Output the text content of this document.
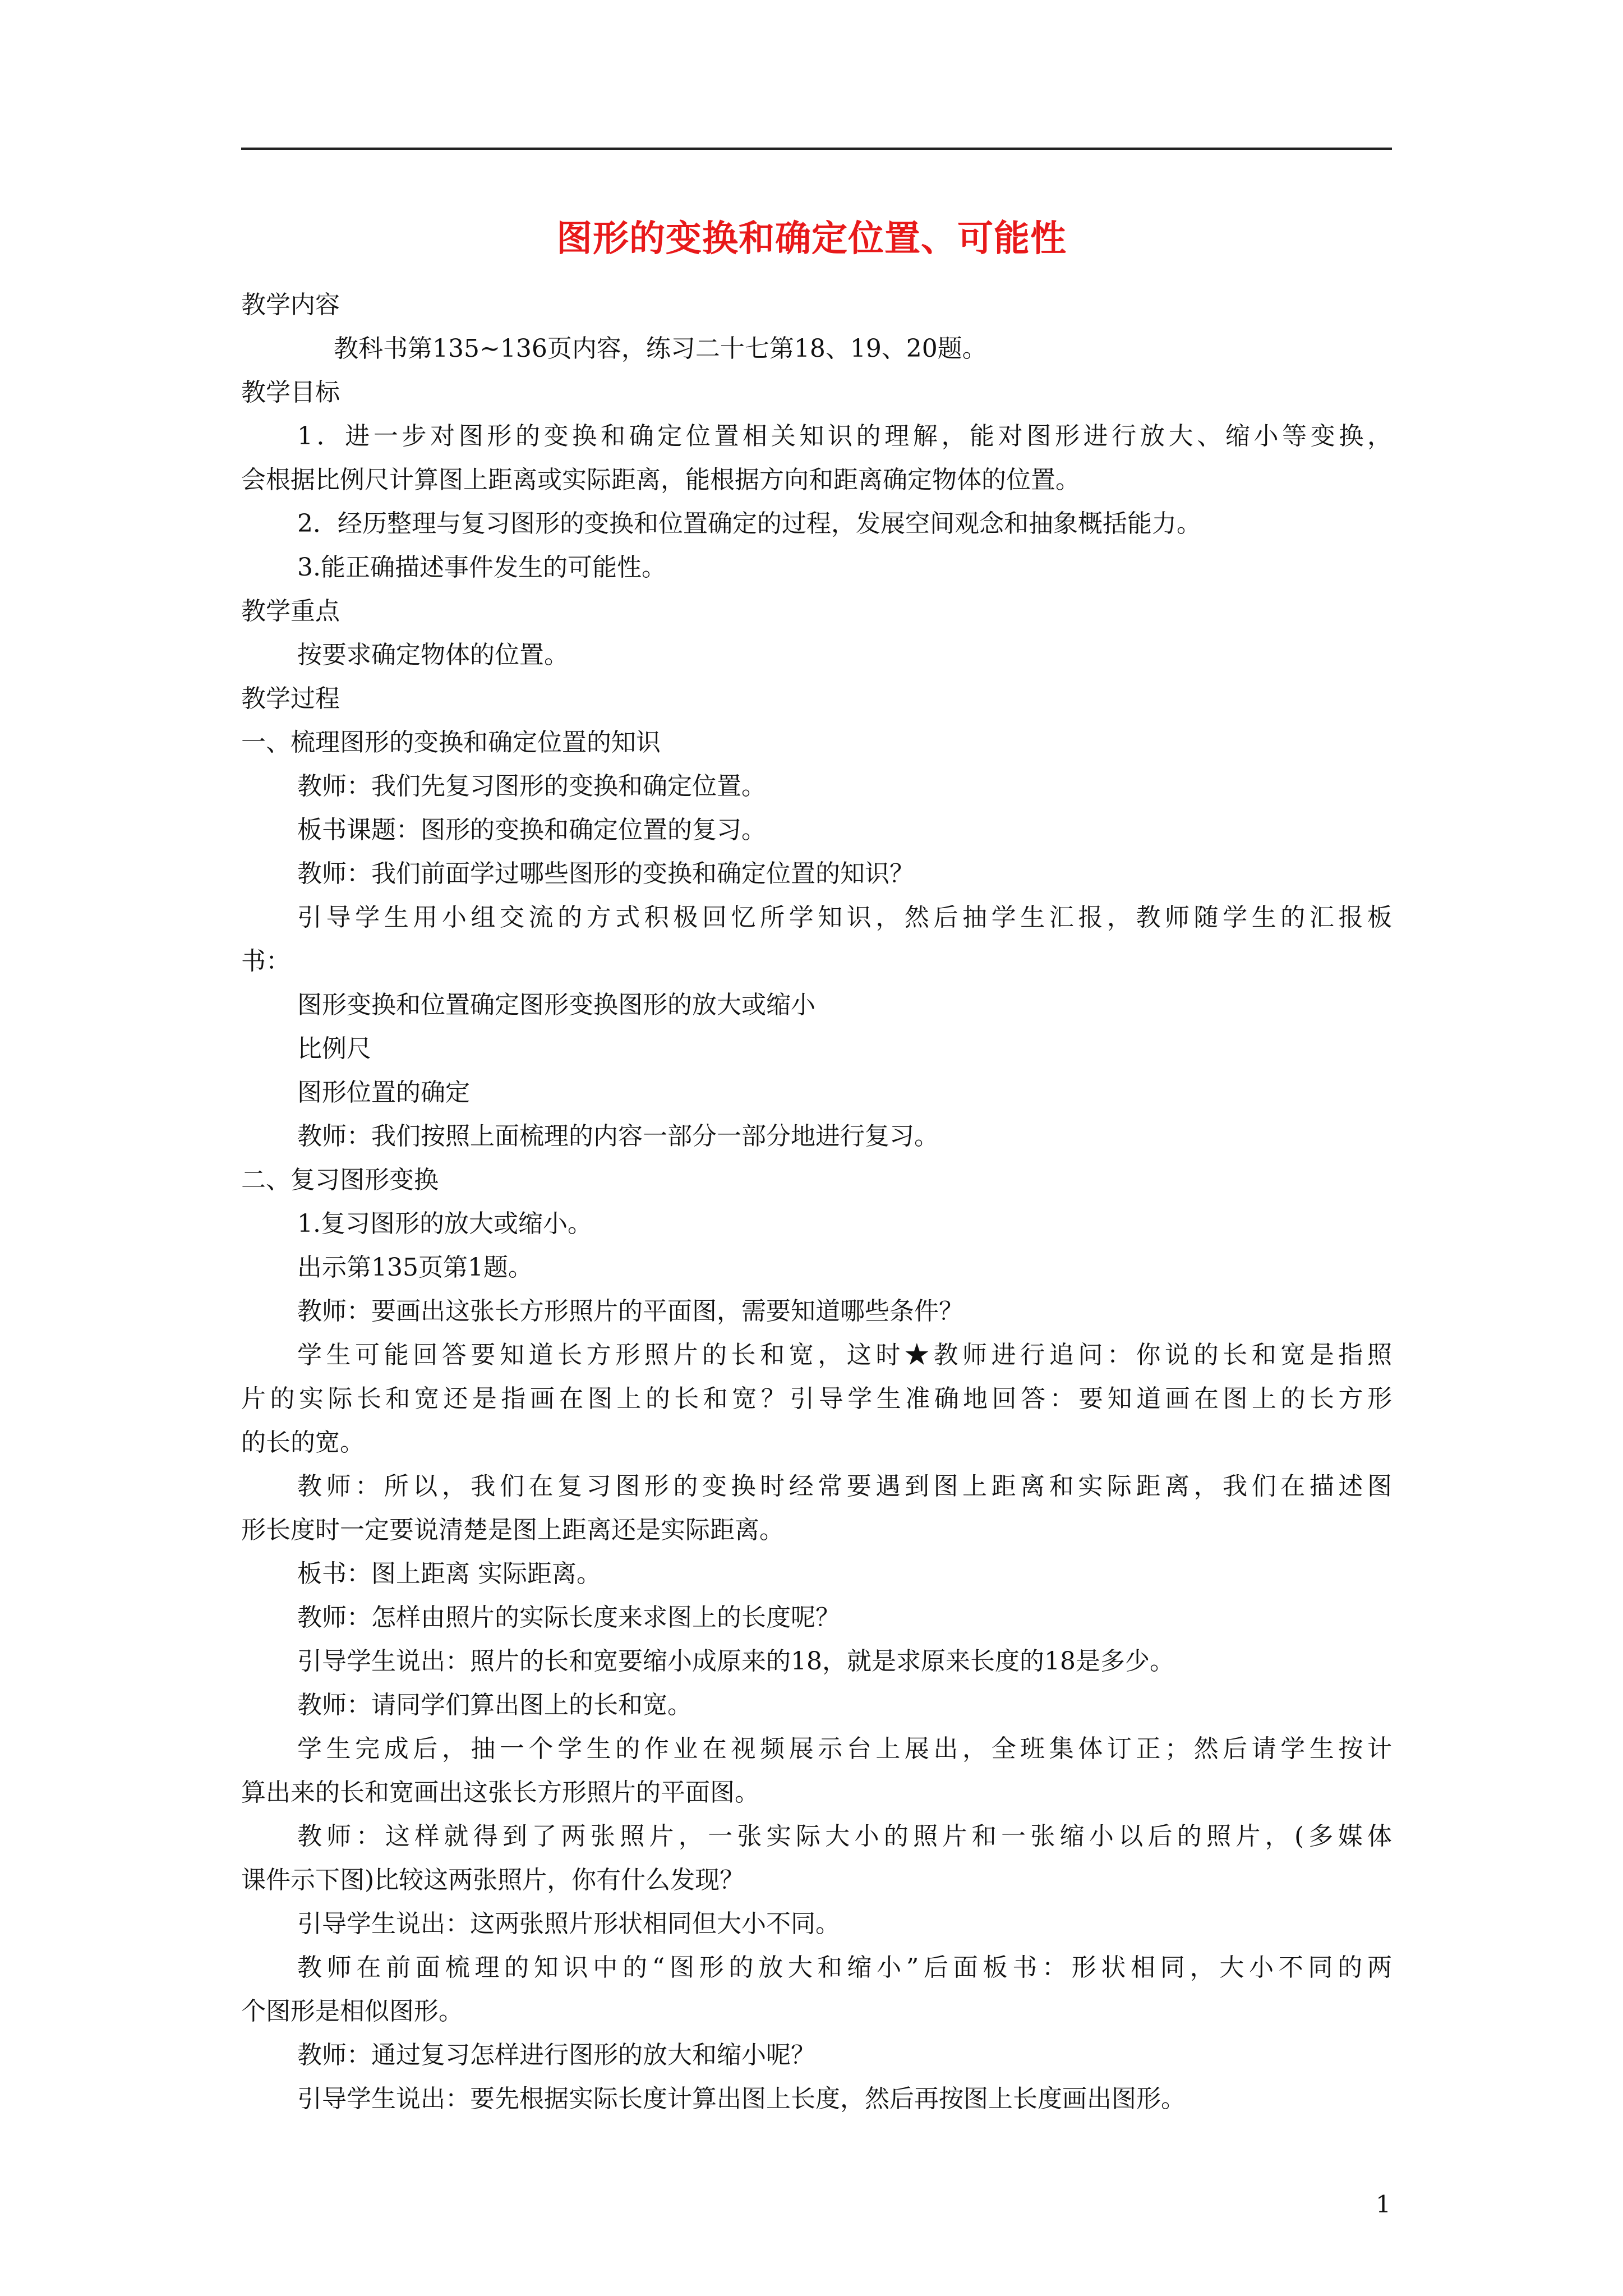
图形的变换和确定位置、可能性
教学内容
教科书第135~136页内容，练习二十七第18、19、20题。
教学目标
1．进一步对图形的变换和确定位置相关知识的理解，能对图形进行放大、缩小等变换，
会根据比例尺计算图上距离或实际距离，能根据方向和距离确定物体的位置。
2．经历整理与复习图形的变换和位置确定的过程，发展空间观念和抽象概括能力。
3.能正确描述事件发生的可能性。
教学重点
按要求确定物体的位置。
教学过程
一、梳理图形的变换和确定位置的知识
教师：我们先复习图形的变换和确定位置。
板书课题：图形的变换和确定位置的复习。
教师：我们前面学过哪些图形的变换和确定位置的知识？
引导学生用小组交流的方式积极回忆所学知识，然后抽学生汇报，教师随学生的汇报板
书：
图形变换和位置确定图形变换图形的放大或缩小
比例尺
图形位置的确定
教师：我们按照上面梳理的内容一部分一部分地进行复习。
二、复习图形变换
1.复习图形的放大或缩小。
出示第135页第1题。
教师：要画出这张长方形照片的平面图，需要知道哪些条件？
学生可能回答要知道长方形照片的长和宽，这时★教师进行追问：你说的长和宽是指照
片的实际长和宽还是指画在图上的长和宽？引导学生准确地回答：要知道画在图上的长方形
的长的宽。
教师：所以，我们在复习图形的变换时经常要遇到图上距离和实际距离，我们在描述图
形长度时一定要说清楚是图上距离还是实际距离。
板书：图上距离 实际距离。
教师：怎样由照片的实际长度来求图上的长度呢？
引导学生说出：照片的长和宽要缩小成原来的18，就是求原来长度的18是多少。
教师：请同学们算出图上的长和宽。
学生完成后，抽一个学生的作业在视频展示台上展出，全班集体订正；然后请学生按计
算出来的长和宽画出这张长方形照片的平面图。
教师：这样就得到了两张照片，一张实际大小的照片和一张缩小以后的照片，(多媒体
课件示下图)比较这两张照片，你有什么发现？
引导学生说出：这两张照片形状相同但大小不同。
教师在前面梳理的知识中的“图形的放大和缩小”后面板书：形状相同，大小不同的两
个图形是相似图形。
教师：通过复习怎样进行图形的放大和缩小呢？
引导学生说出：要先根据实际长度计算出图上长度，然后再按图上长度画出图形。
1
